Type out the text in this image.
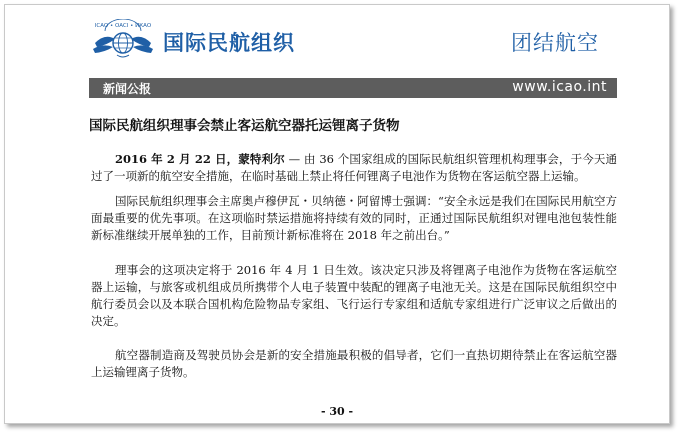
ICAO • OACI • ИКАО
国际民航组织	团结航空
新闻公报	www.icao.int
国际民航组织理事会禁止客运航空器托运锂离子货物
2016 年 2 月 22 日，蒙特利尔 — 由 36 个国家组成的国际民航组织管理机构理事会，于今天通过了一项新的航空安全措施，在临时基础上禁止将任何锂离子电池作为货物在客运航空器上运输。
国际民航组织理事会主席奥卢穆伊瓦・贝纳德・阿留博士强调：“安全永远是我们在国际民用航空方面最重要的优先事项。在这项临时禁运措施将持续有效的同时，正通过国际民航组织对锂电池包装性能新标准继续开展单独的工作，目前预计新标准将在 2018 年之前出台。”
理事会的这项决定将于 2016 年 4 月 1 日生效。该决定只涉及将锂离子电池作为货物在客运航空器上运输，与旅客或机组成员所携带个人电子装置中装配的锂离子电池无关。这是在国际民航组织空中航行委员会以及本联合国机构危险物品专家组、飞行运行专家组和适航专家组进行广泛审议之后做出的决定。
航空器制造商及驾驶员协会是新的安全措施最积极的倡导者，它们一直热切期待禁止在客运航空器上运输锂离子货物。
- 30 -
